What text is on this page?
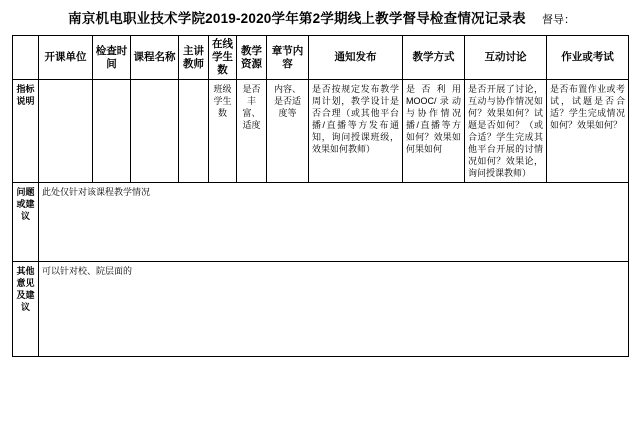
南京机电职业技术学院2019-2020学年第2学期线上教学督导检查情况记录表	督导：
	开课单位	检查时间	课程名称	主讲教师	在线学生数	教学资源	章节内容	通知发布	教学方式	互动讨论	作业或考试
指标说明					班级学生数	是否丰富、适度	内容、是否适度等	是否按规定发布教学周计划，教学设计是否合理（或其他平台播/直播等方发布通知，询问授课班级，效果如何教师）	是否利用MOOC/录动与协作情况播/直播等方如何？效果如何果如何	是否开展了讨论，互动与协作情况如何？效果如何？试题是否如何？（或合适？学生完成其他平台开展的讨情况如何？效果论，询问授课教师）	是否布置作业或考试，试题是否合适？学生完成情况如何？效果如何？
问题或建议	此处仅针对该课程教学情况										
其他意见及建议	可以针对校、院层面的										
